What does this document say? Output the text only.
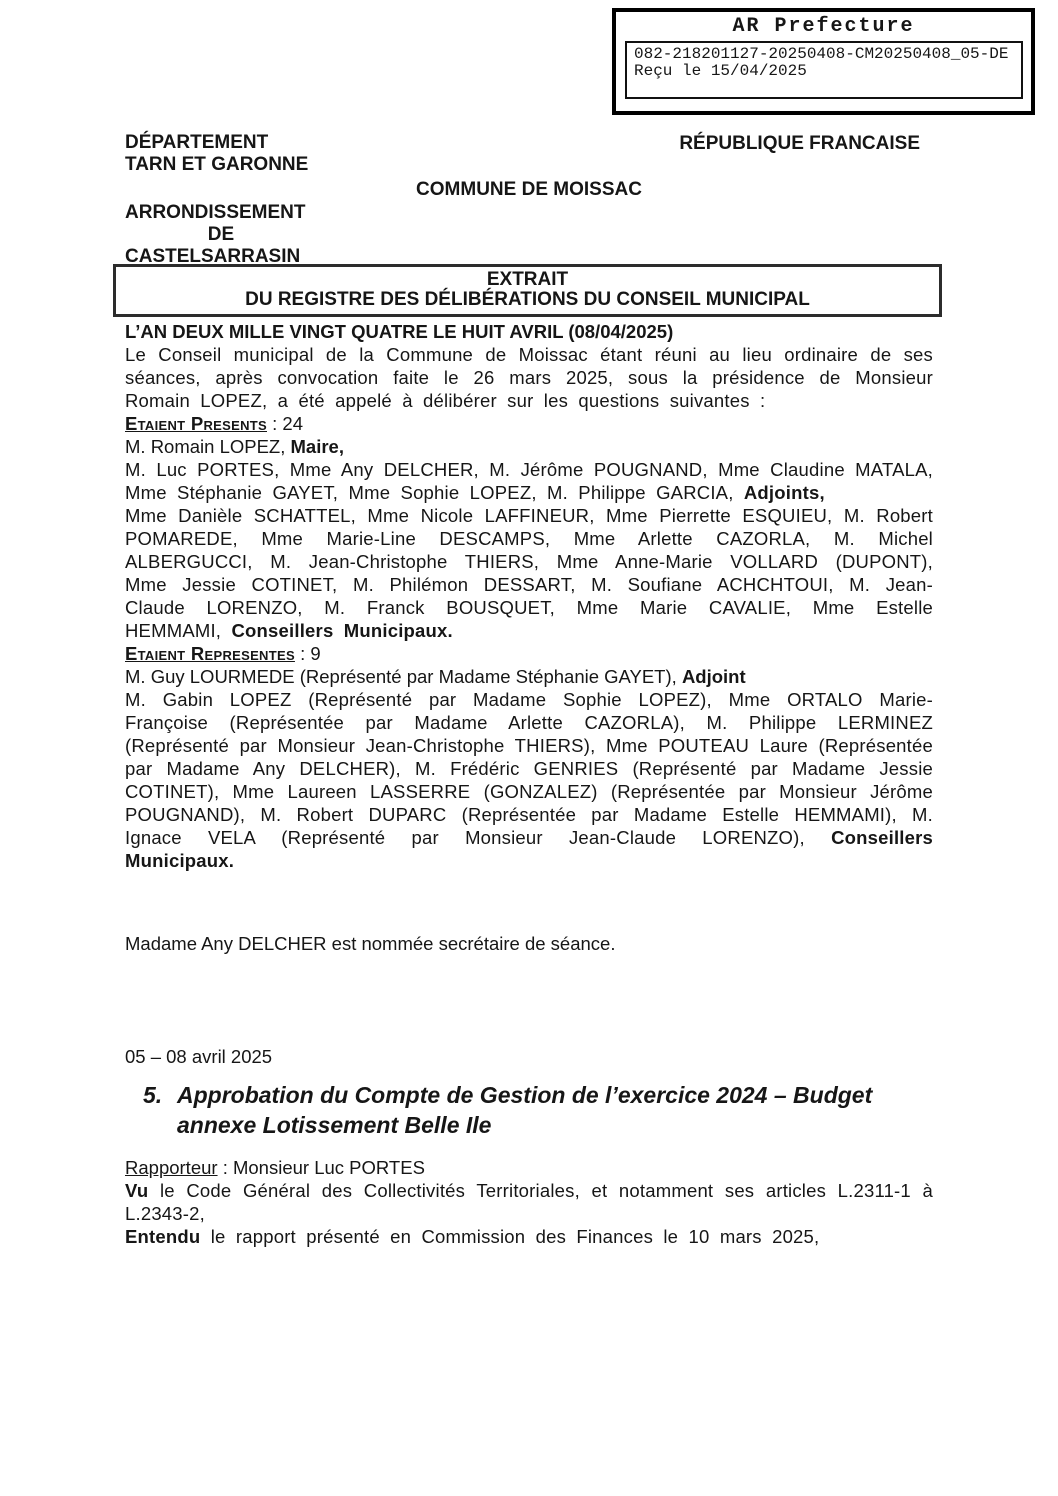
AR Prefecture
082-218201127-20250408-CM20250408_05-DE
Reçu le 15/04/2025
DÉPARTEMENT
TARN ET GARONNE
ARRONDISSEMENT
DE
CASTELSARRASIN
RÉPUBLIQUE FRANCAISE
COMMUNE DE MOISSAC
EXTRAIT
DU REGISTRE DES DÉLIBÉRATIONS DU CONSEIL MUNICIPAL
L’AN DEUX MILLE VINGT QUATRE LE HUIT AVRIL (08/04/2025)

Le Conseil municipal de la Commune de Moissac étant réuni au lieu ordinaire de ses séances, après convocation faite le 26 mars 2025, sous la présidence de Monsieur Romain LOPEZ, a été appelé à délibérer sur les questions suivantes :

Etaient Presents : 24
M. Romain LOPEZ, Maire,

M. Luc PORTES, Mme Any DELCHER, M. Jérôme POUGNAND, Mme Claudine MATALA, Mme Stéphanie GAYET, Mme Sophie LOPEZ, M. Philippe GARCIA, Adjoints,

Mme Danièle SCHATTEL, Mme Nicole LAFFINEUR, Mme Pierrette ESQUIEU, M. Robert POMAREDE, Mme Marie-Line DESCAMPS, Mme Arlette CAZORLA, M. Michel ALBERGUCCI, M. Jean-Christophe THIERS, Mme Anne-Marie VOLLARD (DUPONT), Mme Jessie COTINET, M. Philémon DESSART, M. Soufiane ACHCHTOUI, M. Jean-Claude LORENZO, M. Franck BOUSQUET, Mme Marie CAVALIE, Mme Estelle HEMMAMI, Conseillers Municipaux.

Etaient Representes : 9
M. Guy LOURMEDE (Représenté par Madame Stéphanie GAYET), Adjoint

M. Gabin LOPEZ (Représenté par Madame Sophie LOPEZ), Mme ORTALO Marie-Françoise (Représentée par Madame Arlette CAZORLA), M. Philippe LERMINEZ (Représenté par Monsieur Jean-Christophe THIERS), Mme POUTEAU Laure (Représentée par Madame Any DELCHER), M. Frédéric GENRIES (Représenté par Madame Jessie COTINET), Mme Laureen LASSERRE (GONZALEZ) (Représentée par Monsieur Jérôme POUGNAND), M. Robert DUPARC (Représentée par Madame Estelle HEMMAMI), M. Ignace VELA (Représenté par Monsieur Jean-Claude LORENZO), Conseillers Municipaux.

Madame Any DELCHER est nommée secrétaire de séance.
05 – 08 avril 2025
5. Approbation du Compte de Gestion de l’exercice 2024 – Budget annexe Lotissement Belle Ile
Rapporteur : Monsieur Luc PORTES

Vu le Code Général des Collectivités Territoriales, et notamment ses articles L.2311-1 à L.2343-2,

Entendu le rapport présenté en Commission des Finances le 10 mars 2025,
